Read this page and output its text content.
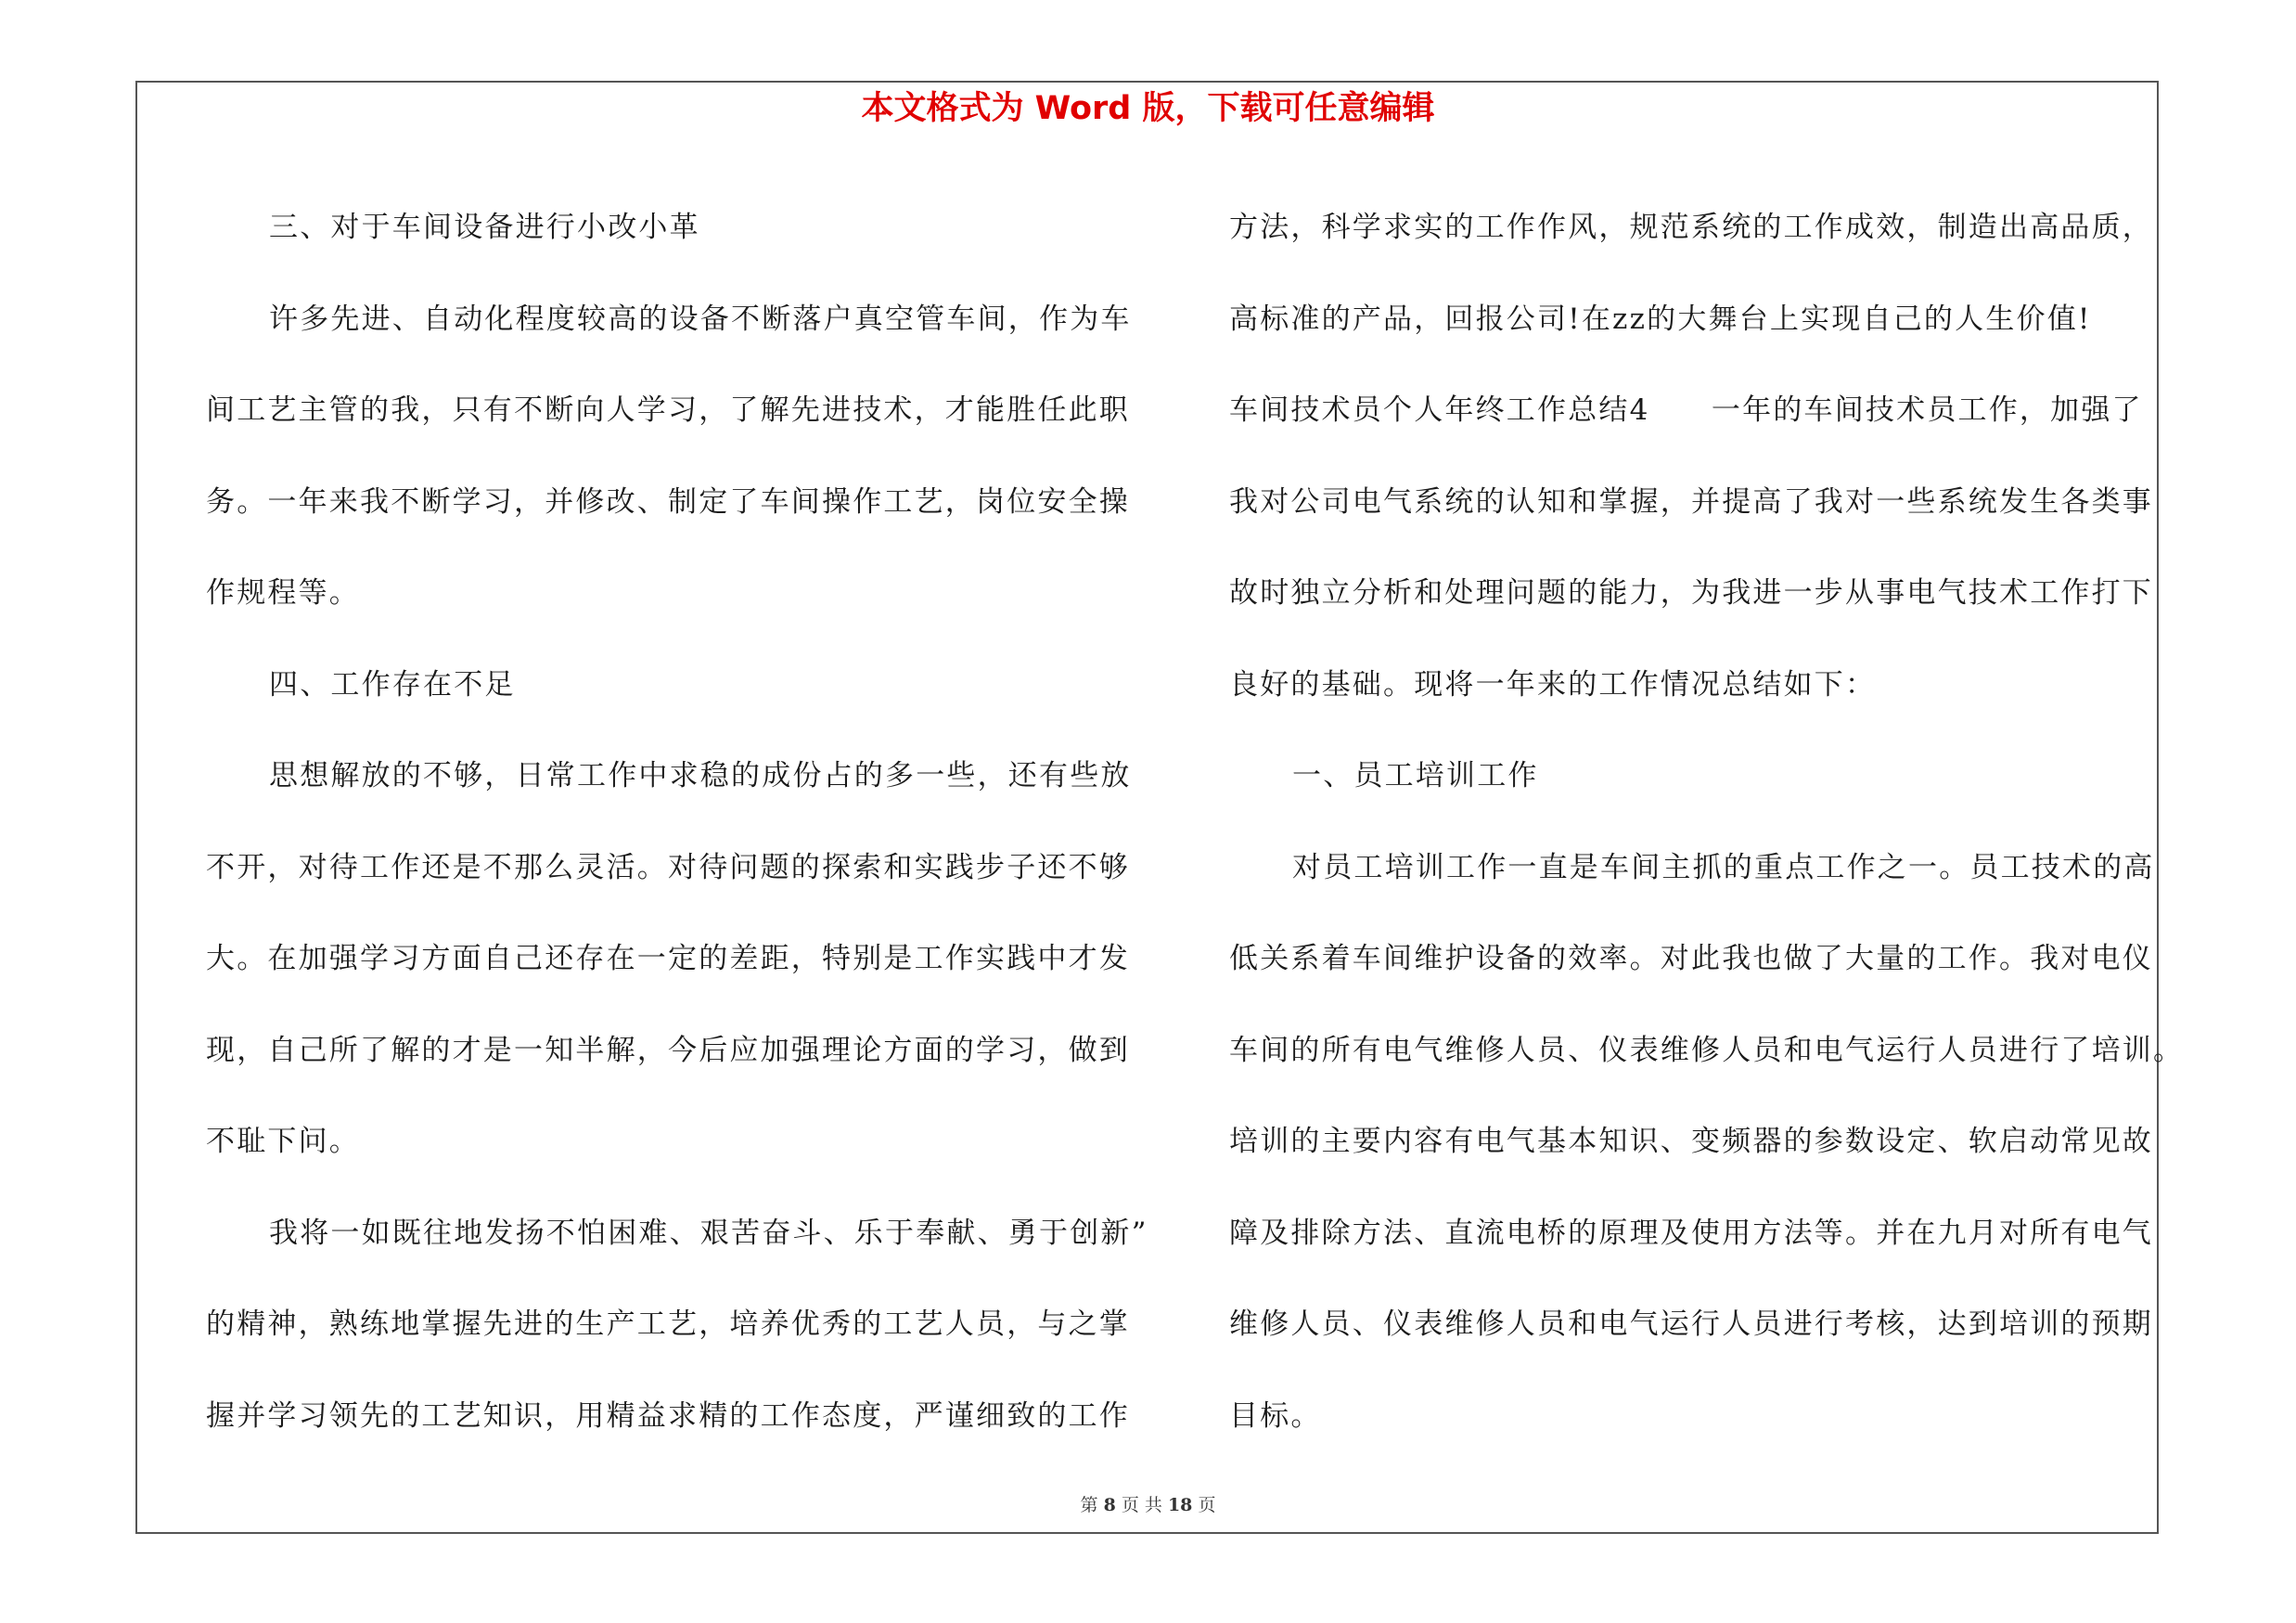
本文格式为 Word 版，下载可任意编辑
三、对于车间设备进行小改小革
许多先进、自动化程度较高的设备不断落户真空管车间，作为车
间工艺主管的我，只有不断向人学习，了解先进技术，才能胜任此职
务。一年来我不断学习，并修改、制定了车间操作工艺，岗位安全操
作规程等。
四、工作存在不足
思想解放的不够，日常工作中求稳的成份占的多一些，还有些放
不开，对待工作还是不那么灵活。对待问题的探索和实践步子还不够
大。在加强学习方面自己还存在一定的差距，特别是工作实践中才发
现，自己所了解的才是一知半解，今后应加强理论方面的学习，做到
不耻下问。
我将一如既往地发扬不怕困难、艰苦奋斗、乐于奉献、勇于创新”
的精神，熟练地掌握先进的生产工艺，培养优秀的工艺人员，与之掌
握并学习领先的工艺知识，用精益求精的工作态度，严谨细致的工作
方法，科学求实的工作作风，规范系统的工作成效，制造出高品质，
高标准的产品，回报公司!在zz的大舞台上实现自己的人生价值!
车间技术员个人年终工作总结4　　一年的车间技术员工作，加强了
我对公司电气系统的认知和掌握，并提高了我对一些系统发生各类事
故时独立分析和处理问题的能力，为我进一步从事电气技术工作打下
良好的基础。现将一年来的工作情况总结如下：
一、员工培训工作
对员工培训工作一直是车间主抓的重点工作之一。员工技术的高
低关系着车间维护设备的效率。对此我也做了大量的工作。我对电仪
车间的所有电气维修人员、仪表维修人员和电气运行人员进行了培训。
培训的主要内容有电气基本知识、变频器的参数设定、软启动常见故
障及排除方法、直流电桥的原理及使用方法等。并在九月对所有电气
维修人员、仪表维修人员和电气运行人员进行考核，达到培训的预期
目标。
第 8 页 共 18 页
